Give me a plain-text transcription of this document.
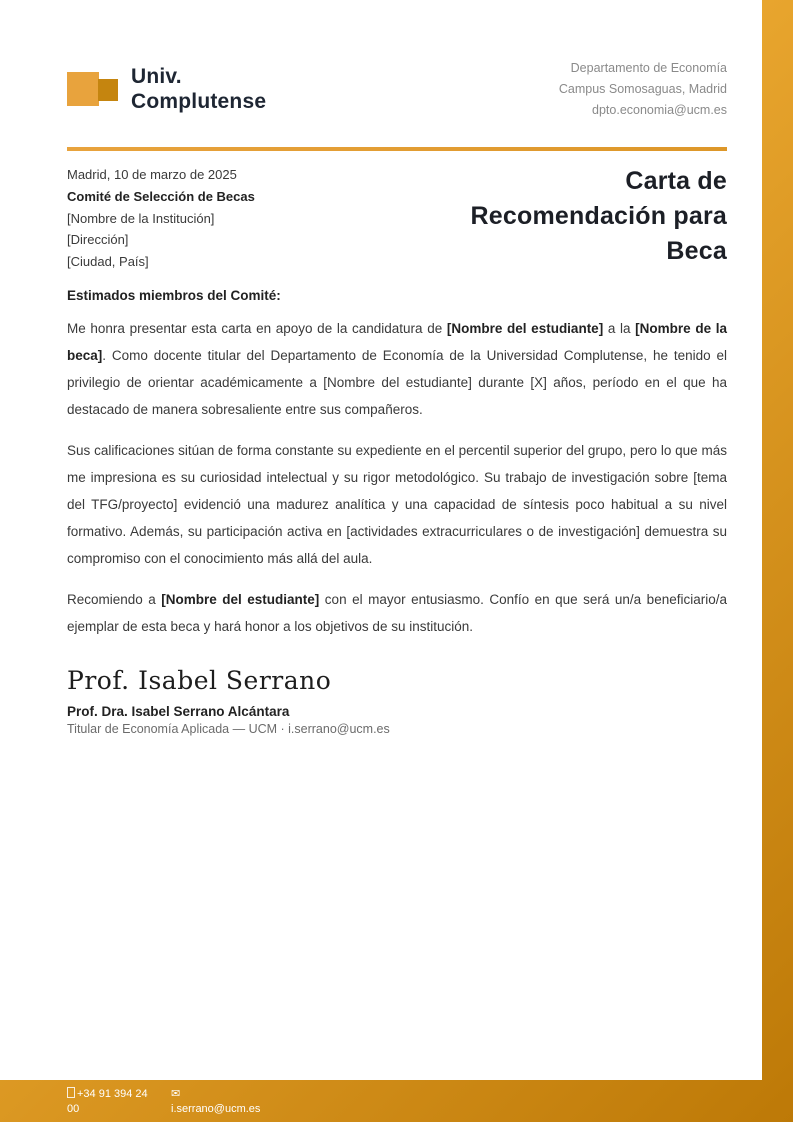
Univ.
Complutense
Departamento de Economía
Campus Somosaguas, Madrid
dpto.economia@ucm.es
Madrid, 10 de marzo de 2025
Comité de Selección de Becas
[Nombre de la Institución]
[Dirección]
[Ciudad, País]
Carta de Recomendación para Beca
Estimados miembros del Comité:

Me honra presentar esta carta en apoyo de la candidatura de [Nombre del estudiante] a la [Nombre de la beca]. Como docente titular del Departamento de Economía de la Universidad Complutense, he tenido el privilegio de orientar académicamente a [Nombre del estudiante] durante [X] años, período en el que ha destacado de manera sobresaliente entre sus compañeros.

Sus calificaciones sitúan de forma constante su expediente en el percentil superior del grupo, pero lo que más me impresiona es su curiosidad intelectual y su rigor metodológico. Su trabajo de investigación sobre [tema del TFG/proyecto] evidenció una madurez analítica y una capacidad de síntesis poco habitual a su nivel formativo. Además, su participación activa en [actividades extracurriculares o de investigación] demuestra su compromiso con el conocimiento más allá del aula.

Recomiendo a [Nombre del estudiante] con el mayor entusiasmo. Confío en que será un/a beneficiario/a ejemplar de esta beca y hará honor a los objetivos de su institución.

Prof. Isabel Serrano
Prof. Dra. Isabel Serrano Alcántara
Titular de Economía Aplicada — UCM · i.serrano@ucm.es
+34 91 394 24 00
✉
i.serrano@ucm.es
